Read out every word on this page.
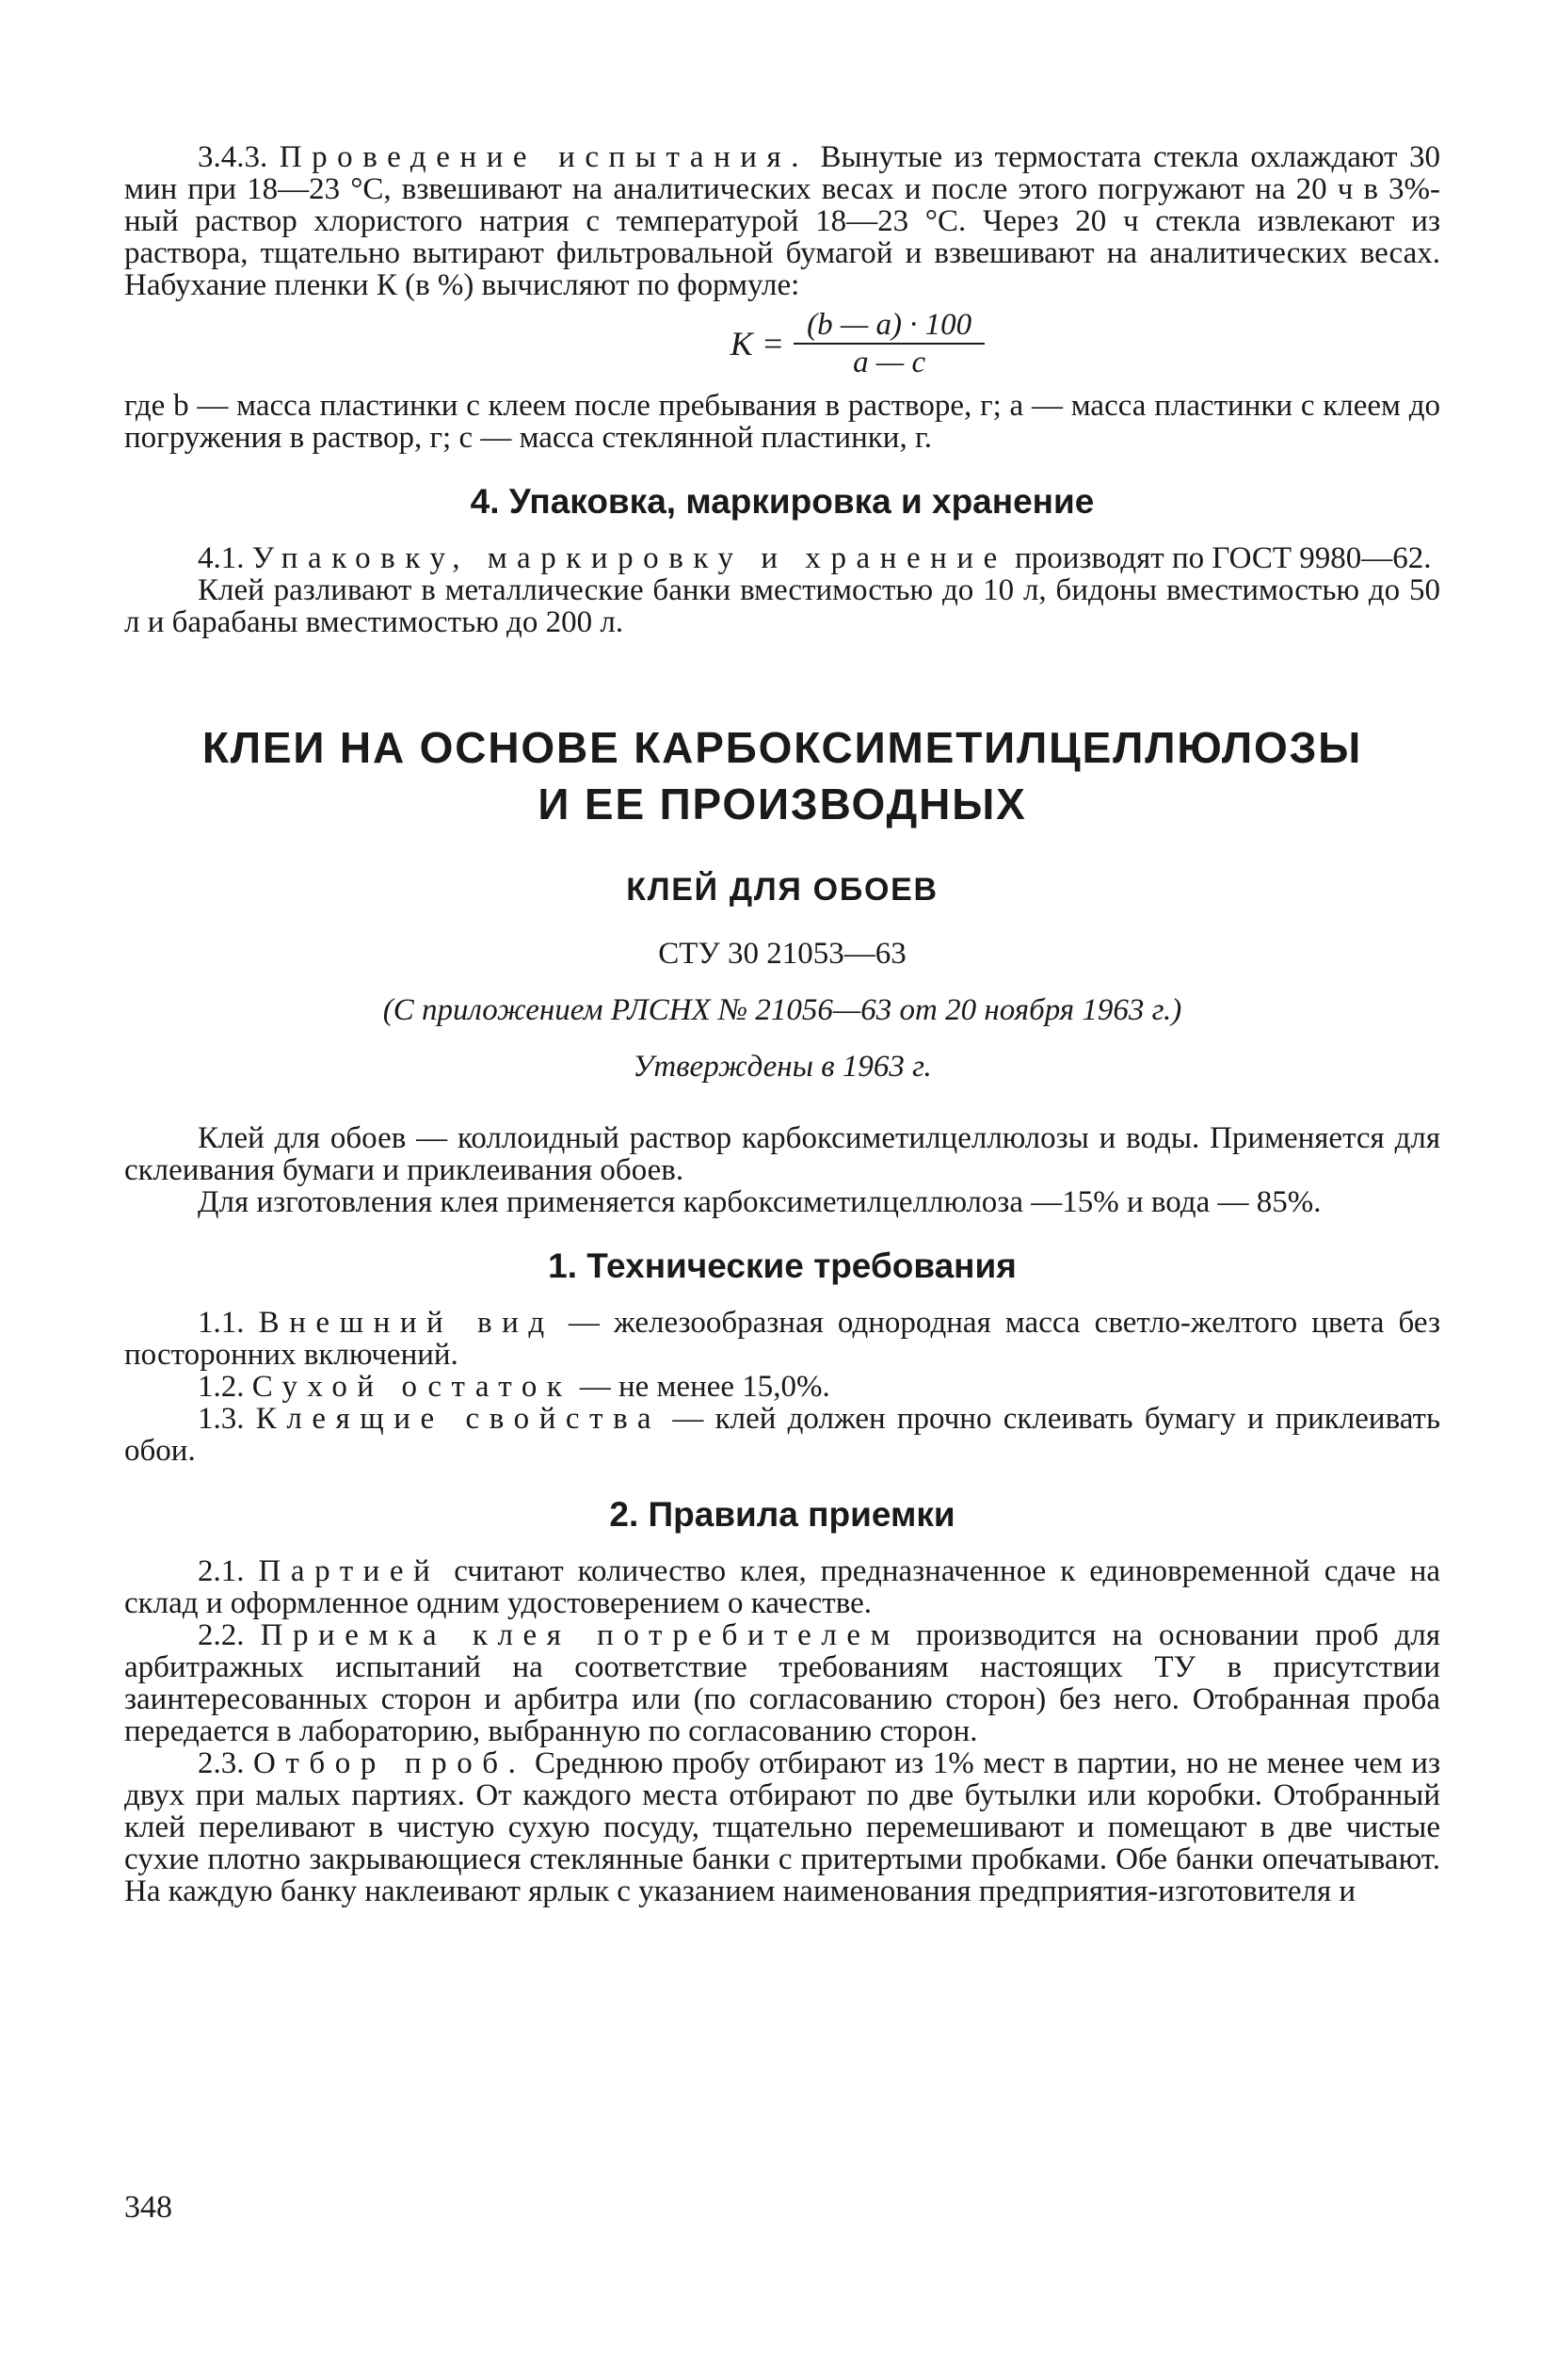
3.4.3. Проведение испытания. Вынутые из термостата стекла охлаждают 30 мин при 18—23 °С, взвешивают на аналитических весах и после этого погружают на 20 ч в 3%-ный раствор хлористого натрия с температурой 18—23 °С. Через 20 ч стекла извлекают из раствора, тщательно вытирают фильтровальной бумагой и взвешивают на аналитических весах. Набухание пленки К (в %) вычисляют по формуле:

$K = \frac{(b — a) \cdot 100}{a — c}$

где b — масса пластинки с клеем после пребывания в растворе, г; a — масса пластинки с клеем до погружения в раствор, г; c — масса стеклянной пластинки, г.

4. Упаковка, маркировка и хранение

4.1. Упаковку, маркировку и хранение производят по ГОСТ 9980—62.

Клей разливают в металлические банки вместимостью до 10 л, бидоны вместимостью до 50 л и барабаны вместимостью до 200 л.

КЛЕИ НА ОСНОВЕ КАРБОКСИМЕТИЛЦЕЛЛЮЛОЗЫ
И ЕЕ ПРОИЗВОДНЫХ
КЛЕЙ ДЛЯ ОБОЕВ

СТУ 30 21053—63

(С приложением РЛСНХ № 21056—63 от 20 ноября 1963 г.)

Утверждены в 1963 г.

Клей для обоев — коллоидный раствор карбоксиметилцеллюлозы и воды. Применяется для склеивания бумаги и приклеивания обоев.

Для изготовления клея применяется карбоксиметилцеллюлоза —15% и вода — 85%.

1. Технические требования

1.1. Внешний вид — железообразная однородная масса светло-желтого цвета без посторонних включений.

1.2. Сухой остаток — не менее 15,0%.

1.3. Клеящие свойства — клей должен прочно склеивать бумагу и приклеивать обои.

2. Правила приемки

2.1. Партией считают количество клея, предназначенное к единовременной сдаче на склад и оформленное одним удостоверением о качестве.

2.2. Приемка клея потребителем производится на основании проб для арбитражных испытаний на соответствие требованиям настоящих ТУ в присутствии заинтересованных сторон и арбитра или (по согласованию сторон) без него. Отобранная проба передается в лабораторию, выбранную по согласованию сторон.

2.3. Отбор проб. Среднюю пробу отбирают из 1% мест в партии, но не менее чем из двух при малых партиях. От каждого места отбирают по две бутылки или коробки. Отобранный клей переливают в чистую сухую посуду, тщательно перемешивают и помещают в две чистые сухие плотно закрывающиеся стеклянные банки с притертыми пробками. Обе банки опечатывают. На каждую банку наклеивают ярлык с указанием наименования предприятия-изготовителя и

348
